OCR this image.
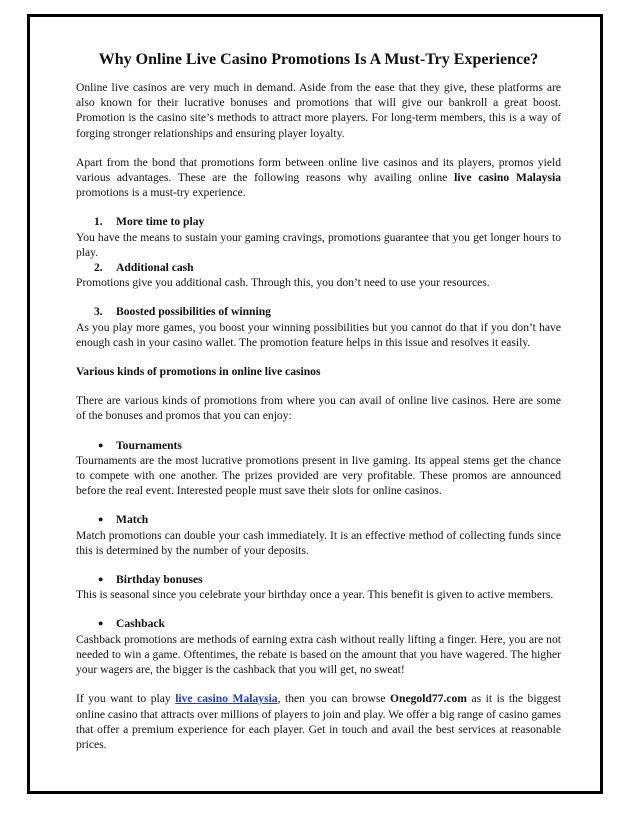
Why Online Live Casino Promotions Is A Must-Try Experience?

Online live casinos are very much in demand. Aside from the ease that they give, these platforms are also known for their lucrative bonuses and promotions that will give our bankroll a great boost. Promotion is the casino site’s methods to attract more players. For long-term members, this is a way of forging stronger relationships and ensuring player loyalty.

Apart from the bond that promotions form between online live casinos and its players, promos yield various advantages. These are the following reasons why availing online live casino Malaysia promotions is a must-try experience.

1. More time to play

You have the means to sustain your gaming cravings, promotions guarantee that you get longer hours to play.

2. Additional cash

Promotions give you additional cash. Through this, you don’t need to use your resources.

3. Boosted possibilities of winning

As you play more games, you boost your winning possibilities but you cannot do that if you don’t have enough cash in your casino wallet. The promotion feature helps in this issue and resolves it easily.

Various kinds of promotions in online live casinos

There are various kinds of promotions from where you can avail of online live casinos. Here are some of the bonuses and promos that you can enjoy:

● Tournaments

Tournaments are the most lucrative promotions present in live gaming. Its appeal stems get the chance to compete with one another. The prizes provided are very profitable. These promos are announced before the real event. Interested people must save their slots for online casinos.

● Match

Match promotions can double your cash immediately. It is an effective method of collecting funds since this is determined by the number of your deposits.

● Birthday bonuses

This is seasonal since you celebrate your birthday once a year. This benefit is given to active members.

● Cashback

Cashback promotions are methods of earning extra cash without really lifting a finger. Here, you are not needed to win a game. Oftentimes, the rebate is based on the amount that you have wagered. The higher your wagers are, the bigger is the cashback that you will get, no sweat!

If you want to play live casino Malaysia, then you can browse Onegold77.com as it is the biggest online casino that attracts over millions of players to join and play. We offer a big range of casino games that offer a premium experience for each player. Get in touch and avail the best services at reasonable prices.
